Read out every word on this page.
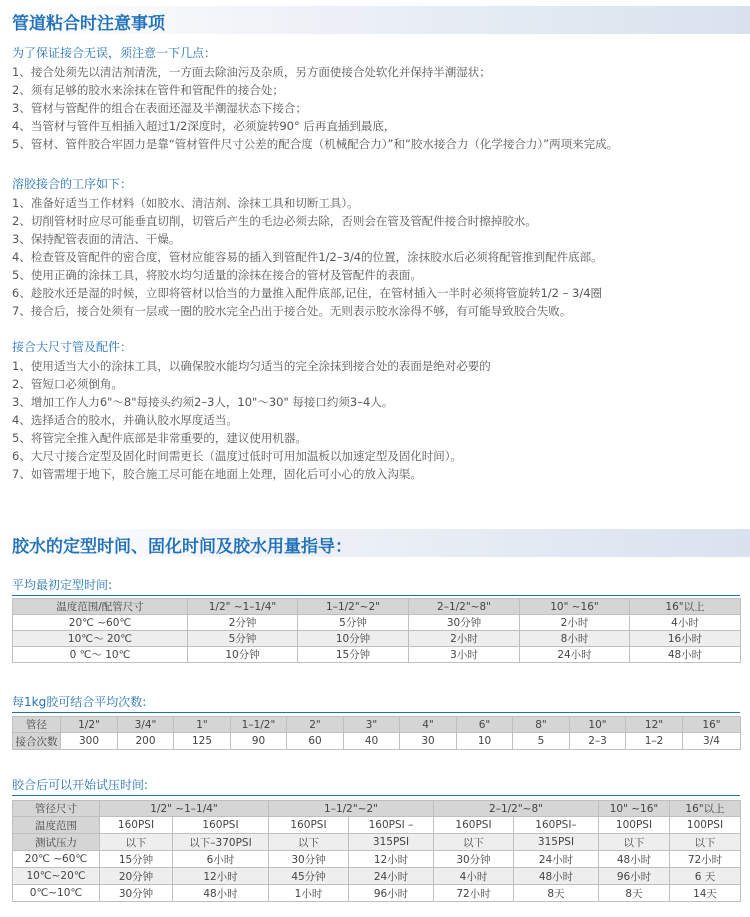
管道粘合时注意事项
为了保证接合无误，须注意一下几点：
1、接合处须先以清洁剂清洗，一方面去除油污及杂质，另方面使接合处软化并保持半潮湿状；
2、须有足够的胶水来涂抹在管件和管配件的接合处；
3、管材与管配件的组合在表面还湿及半潮湿状态下接合；
4、当管材与管件互相插入超过1/2深度时，必须旋转90° 后再直插到最底，
5、管材、管件胶合牢固力是靠“管材管件尺寸公差的配合度（机械配合力）”和“胶水接合力（化学接合力）”两项来完成。
溶胶接合的工序如下：
1、准备好适当工作材料（如胶水、清洁剂、涂抹工具和切断工具）。
2、切削管材时应尽可能垂直切削，切管后产生的毛边必须去除，否则会在管及管配件接合时擦掉胶水。
3、保持配管表面的清洁、干燥。
4、检查管及管配件的密合度，管材应能容易的插入到管配件1/2–3/4的位置，涂抹胶水后必须将配管推到配件底部。
5、使用正确的涂抹工具，将胶水均匀适量的涂抹在接合的管材及管配件的表面。
6、趁胶水还是湿的时候，立即将管材以恰当的力量推入配件底部,记住，在管材插入一半时必须将管旋转1/2 – 3/4圈
7、接合后，接合处须有一层或一圈的胶水完全凸出于接合处。无则表示胶水涂得不够，有可能导致胶合失败。
接合大尺寸管及配件：
1、使用适当大小的涂抹工具，以确保胶水能均匀适当的完全涂抹到接合处的表面是绝对必要的
2、管短口必须倒角。
3、增加工作人力6"～8"每接头约须2–3人，10"～30" 每接口约须3–4人。
4、选择适合的胶水，并确认胶水厚度适当。
5、将管完全推入配件底部是非常重要的，建议使用机器。
6、大尺寸接合定型及固化时间需更长（温度过低时可用加温板以加速定型及固化时间）。
7、如管需埋于地下，胶合施工尽可能在地面上处理，固化后可小心的放入沟渠。
胶水的定型时间、固化时间及胶水用量指导：
平均最初定型时间:
温度范围/配管尺寸	1/2" ~1–1/4"	1–1/2"~2"	2–1/2"~8"	10" ~16"	16"以上
20℃ ~60℃	2分钟	5分钟	30分钟	2小时	4小时
10℃～ 20℃	5分钟	10分钟	2小时	8小时	16小时
0 ℃～ 10℃	10分钟	15分钟	3小时	24小时	48小时
每1kg胶可结合平均次数:
管径	1/2"	3/4"	1"	1–1/2"	2"	3"	4"	6"	8"	10"	12"	16"
接合次数	300	200	125	90	60	40	30	10	5	2–3	1–2	3/4
胶合后可以开始试压时间:
管径尺寸	1/2" ~1–1/4"		1–1/2"~2"		2–1/2"~8"		10" ~16"	16"以上
温度范围	160PSI	160PSI	160PSI	160PSI –	160PSI	160PSI–	100PSI	100PSI
测试压力	以下	以下–370PSI	以下	315PSI	以下	315PSI	以下	以下
20℃ ~60℃	15分钟	6小时	30分钟	12小时	30分钟	24小时	48小时	72小时
10℃~20℃	20分钟	12小时	45分钟	24小时	4小时	48小时	96小时	6 天
0℃~10℃	30分钟	48小时	1小时	96小时	72小时	8天	8天	14天
